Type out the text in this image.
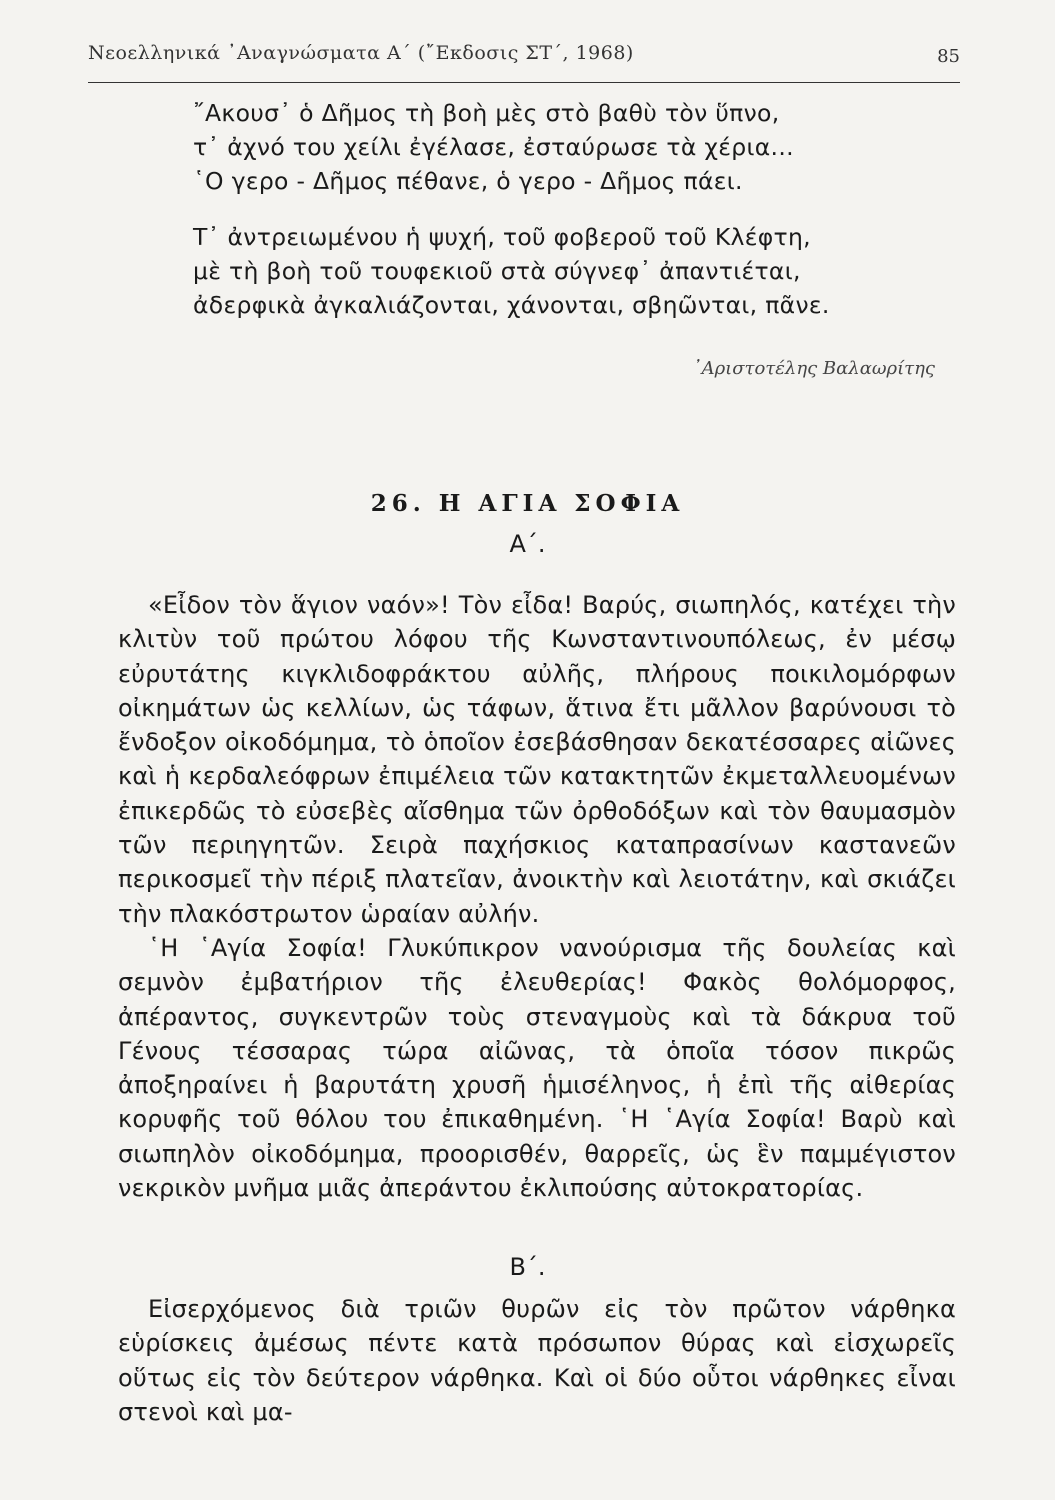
Νεοελληνικά ᾿Αναγνώσματα Α΄ (῎Εκδοσις ΣΤ΄, 1968)	85
῎Ακουσ᾿ ὁ Δῆμος τὴ βοὴ μὲς στὸ βαθὺ τὸν ὕπνο,
τ᾿ ἀχνό του χείλι ἐγέλασε, ἐσταύρωσε τὰ χέρια...
῾Ο γερο - Δῆμος πέθανε, ὁ γερο - Δῆμος πάει.
Τ᾿ ἀντρειωμένου ἡ ψυχή, τοῦ φοβεροῦ τοῦ Κλέφτη,
μὲ τὴ βοὴ τοῦ τουφεκιοῦ στὰ σύγνεφ᾿ ἀπαντιέται,
ἀδερφικὰ ἀγκαλιάζονται, χάνονται, σβηῶνται, πᾶνε.
᾿Αριστοτέλης Βαλαωρίτης
26. Η ΑΓΙΑ ΣΟΦΙΑ
Α΄.

«Εἶδον τὸν ἅγιον ναόν»! Τὸν εἶδα! Βαρύς, σιωπηλός, κατέχει τὴν κλιτὺν τοῦ πρώτου λόφου τῆς Κωνσταντινουπόλεως, ἐν μέσῳ εὐρυτάτης κιγκλιδοφράκτου αὐλῆς, πλήρους ποικιλομόρφων οἰκημάτων ὡς κελλίων, ὡς τάφων, ἅτινα ἔτι μᾶλλον βαρύνουσι τὸ ἔνδοξον οἰκοδόμημα, τὸ ὁποῖον ἐσεβάσθησαν δεκατέσσαρες αἰῶνες καὶ ἡ κερδαλεόφρων ἐπιμέλεια τῶν κατακτητῶν ἐκμεταλλευομένων ἐπικερδῶς τὸ εὐσεβὲς αἴσθημα τῶν ὀρθοδόξων καὶ τὸν θαυμασμὸν τῶν περιηγητῶν. Σειρὰ παχήσκιος καταπρασίνων καστανεῶν περικοσμεῖ τὴν πέριξ πλατεῖαν, ἀνοικτὴν καὶ λειοτάτην, καὶ σκιάζει τὴν πλακόστρωτον ὡραίαν αὐλήν.

῾Η ῾Αγία Σοφία! Γλυκύπικρον νανούρισμα τῆς δουλείας καὶ σεμνὸν ἐμβατήριον τῆς ἐλευθερίας! Φακὸς θολόμορφος, ἀπέραντος, συγκεντρῶν τοὺς στεναγμοὺς καὶ τὰ δάκρυα τοῦ Γένους τέσσαρας τώρα αἰῶνας, τὰ ὁποῖα τόσον πικρῶς ἀποξηραίνει ἡ βαρυτάτη χρυσῆ ἡμισέληνος, ἡ ἐπὶ τῆς αἰθερίας κορυφῆς τοῦ θόλου του ἐπικαθημένη. ῾Η ῾Αγία Σοφία! Βαρὺ καὶ σιωπηλὸν οἰκοδόμημα, προορισθέν, θαρρεῖς, ὡς ἓν παμμέγιστον νεκρικὸν μνῆμα μιᾶς ἀπεράντου ἐκλιπούσης αὐτοκρατορίας.

Β΄.

Εἰσερχόμενος διὰ τριῶν θυρῶν εἰς τὸν πρῶτον νάρθηκα εὑρίσκεις ἀμέσως πέντε κατὰ πρόσωπον θύρας καὶ εἰσχωρεῖς οὕτως εἰς τὸν δεύτερον νάρθηκα. Καὶ οἱ δύο οὗτοι νάρθηκες εἶναι στενοὶ καὶ μα-
